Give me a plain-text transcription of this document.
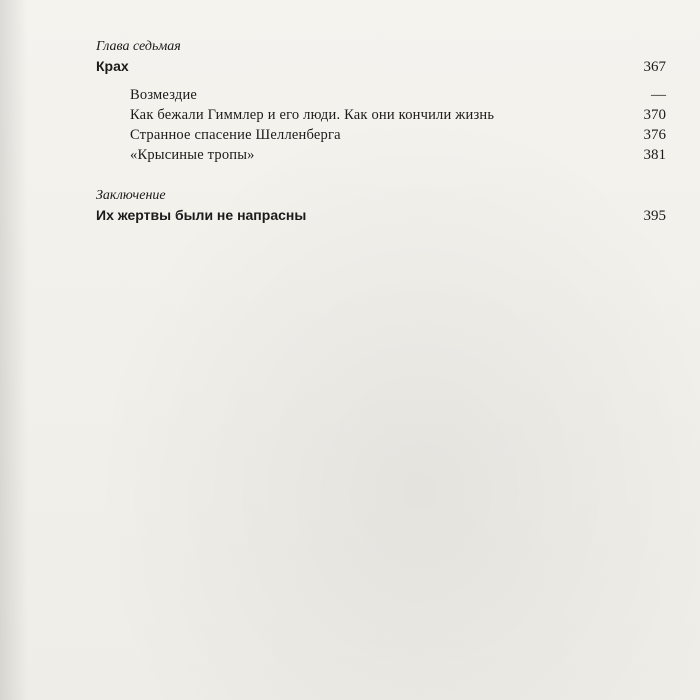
Глава седьмая
Крах	367
Возмездие	—
Как бежали Гиммлер и его люди. Как они кончили жизнь	370
Странное спасение Шелленберга	376
«Крысиные тропы»	381
Заключение
Их жертвы были не напрасны	395
